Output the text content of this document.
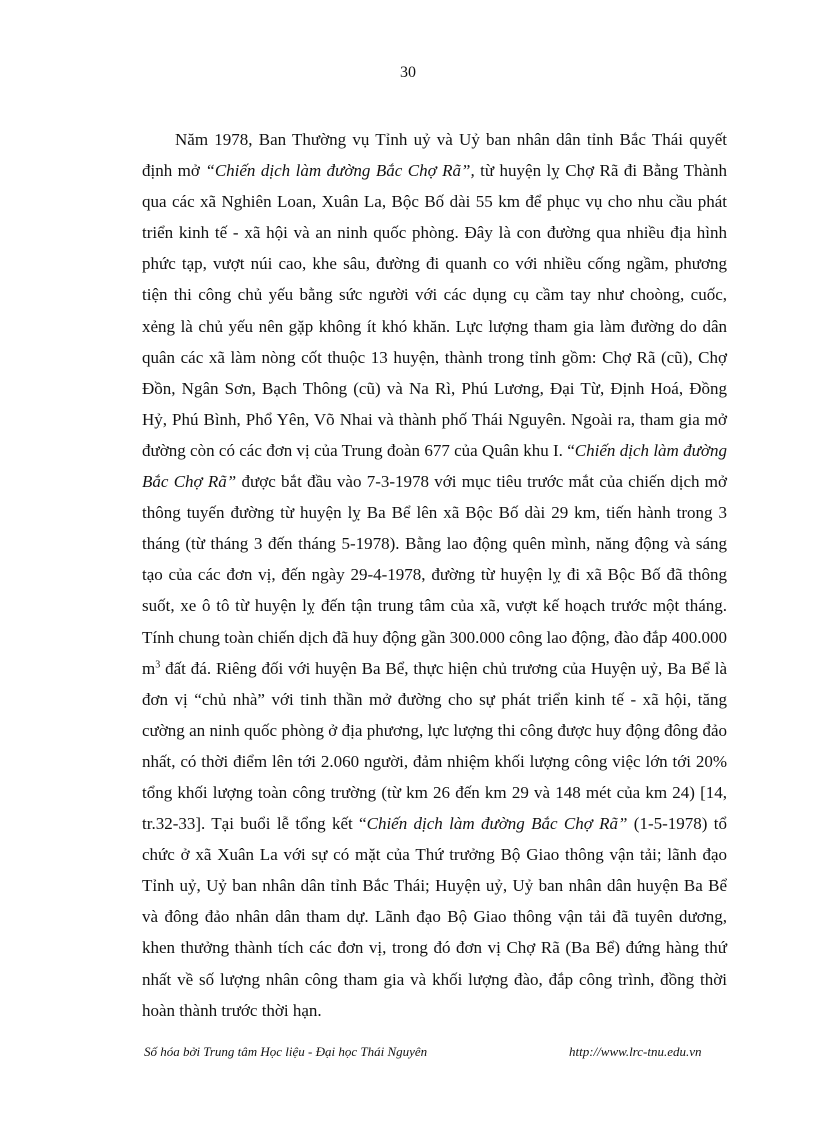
30

Năm 1978, Ban Thường vụ Tỉnh uỷ và Uỷ ban nhân dân tỉnh Bắc Thái quyết định mở “Chiến dịch làm đường Bắc Chợ Rã”, từ huyện lỵ Chợ Rã đi Bằng Thành qua các xã Nghiên Loan, Xuân La, Bộc Bố dài 55 km để phục vụ cho nhu cầu phát triển kinh tế - xã hội và an ninh quốc phòng. Đây là con đường qua nhiều địa hình phức tạp, vượt núi cao, khe sâu, đường đi quanh co với nhiều cống ngầm, phương tiện thi công chủ yếu bằng sức người với các dụng cụ cầm tay như choòng, cuốc, xẻng là chủ yếu nên gặp không ít khó khăn. Lực lượng tham gia làm đường do dân quân các xã làm nòng cốt thuộc 13 huyện, thành trong tỉnh gồm: Chợ Rã (cũ), Chợ Đồn, Ngân Sơn, Bạch Thông (cũ) và Na Rì, Phú Lương, Đại Từ, Định Hoá, Đồng Hỷ, Phú Bình, Phổ Yên, Võ Nhai và thành phố Thái Nguyên. Ngoài ra, tham gia mở đường còn có các đơn vị của Trung đoàn 677 của Quân khu I. “Chiến dịch làm đường Bắc Chợ Rã” được bắt đầu vào 7-3-1978 với mục tiêu trước mắt của chiến dịch mở thông tuyến đường từ huyện lỵ Ba Bể lên xã Bộc Bố dài 29 km, tiến hành trong 3 tháng (từ tháng 3 đến tháng 5-1978). Bằng lao động quên mình, năng động và sáng tạo của các đơn vị, đến ngày 29-4-1978, đường từ huyện lỵ đi xã Bộc Bố đã thông suốt, xe ô tô từ huyện lỵ đến tận trung tâm của xã, vượt kế hoạch trước một tháng. Tính chung toàn chiến dịch đã huy động gần 300.000 công lao động, đào đắp 400.000 $m^3$ đất đá. Riêng đối với huyện Ba Bể, thực hiện chủ trương của Huyện uỷ, Ba Bể là đơn vị “chủ nhà” với tinh thần mở đường cho sự phát triển kinh tế - xã hội, tăng cường an ninh quốc phòng ở địa phương, lực lượng thi công được huy động đông đảo nhất, có thời điểm lên tới 2.060 người, đảm nhiệm khối lượng công việc lớn tới 20% tổng khối lượng toàn công trường (từ km 26 đến km 29 và 148 mét của km 24) [14, tr.32-33]. Tại buổi lễ tổng kết “Chiến dịch làm đường Bắc Chợ Rã” (1-5-1978) tổ chức ở xã Xuân La với sự có mặt của Thứ trưởng Bộ Giao thông vận tải; lãnh đạo Tỉnh uỷ, Uỷ ban nhân dân tỉnh Bắc Thái; Huyện uỷ, Uỷ ban nhân dân huyện Ba Bể và đông đảo nhân dân tham dự. Lãnh đạo Bộ Giao thông vận tải đã tuyên dương, khen thưởng thành tích các đơn vị, trong đó đơn vị Chợ Rã (Ba Bể) đứng hàng thứ nhất về số lượng nhân công tham gia và khối lượng đào, đắp công trình, đồng thời hoàn thành trước thời hạn.

Số hóa bởi Trung tâm Học liệu - Đại học Thái Nguyên	http://www.lrc-tnu.edu.vn
